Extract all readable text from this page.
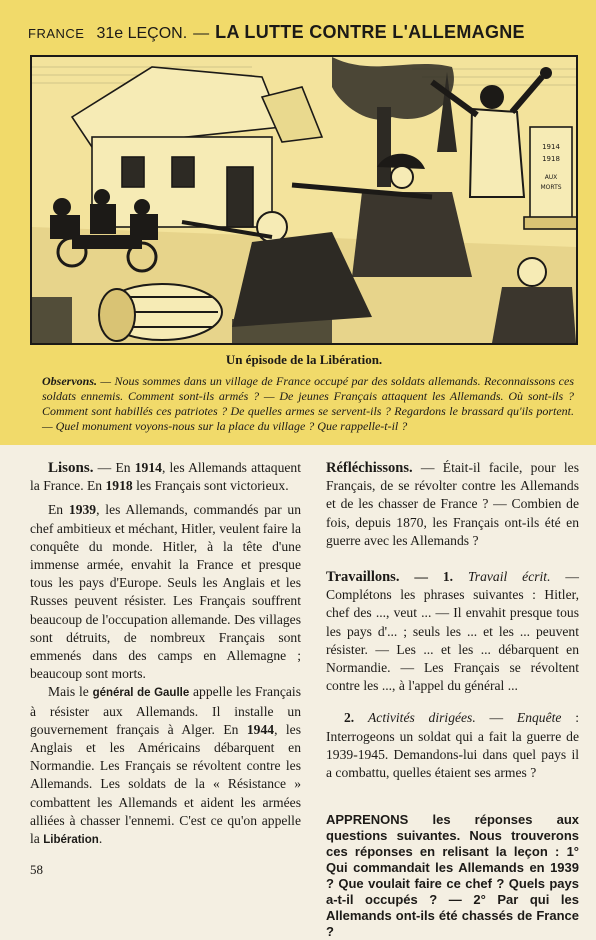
FRANCE 31e LEÇON. — LA LUTTE CONTRE L'ALLEMAGNE
1914
1918
AUX
MORTS
Un épisode de la Libération.
Observons. — Nous sommes dans un village de France occupé par des soldats allemands. Reconnaissons ces soldats ennemis. Comment sont-ils armés ? — De jeunes Français attaquent les Allemands. Où sont-ils ? Comment sont habillés ces patriotes ? De quelles armes se servent-ils ? Regardons le brassard qu'ils portent. — Quel monument voyons-nous sur la place du village ? Que rappelle-t-il ?

Lisons. — En 1914, les Allemands attaquent la France. En 1918 les Français sont victorieux.

En 1939, les Allemands, commandés par un chef ambitieux et méchant, Hitler, veulent faire la conquête du monde. Hitler, à la tête d'une immense armée, envahit la France et presque tous les pays d'Europe. Seuls les Anglais et les Russes peuvent résister. Les Français souffrent beaucoup de l'occupation allemande. Des villages sont détruits, de nombreux Français sont emmenés dans des camps en Allemagne ; beaucoup sont morts.

Mais le général de Gaulle appelle les Français à résister aux Allemands. Il installe un gouvernement français à Alger. En 1944, les Anglais et les Américains débarquent en Normandie. Les Français se révoltent contre les Allemands. Les soldats de la « Résistance » combattent les Allemands et aident les armées alliées à chasser l'ennemi. C'est ce qu'on appelle la Libération.

Réfléchissons. — Était-il facile, pour les Français, de se révolter contre les Allemands et de les chasser de France ? — Combien de fois, depuis 1870, les Français ont-ils été en guerre avec les Allemands ?

Travaillons. — 1. Travail écrit. — Complétons les phrases suivantes : Hitler, chef des ..., veut ... — Il envahit presque tous les pays d'... ; seuls les ... et les ... peuvent résister. — Les ... et les ... débarquent en Normandie. — Les Français se révoltent contre les ..., à l'appel du général ...

2. Activités dirigées. — Enquête : Interrogeons un soldat qui a fait la guerre de 1939-1945. Demandons-lui dans quel pays il a combattu, quelles étaient ses armes ?

APPRENONS les réponses aux questions suivantes. Nous trouverons ces réponses en relisant la leçon : 1° Qui commandait les Allemands en 1939 ? Que voulait faire ce chef ? Quels pays a-t-il occupés ? — 2° Par qui les Allemands ont-ils été chassés de France ?

58
